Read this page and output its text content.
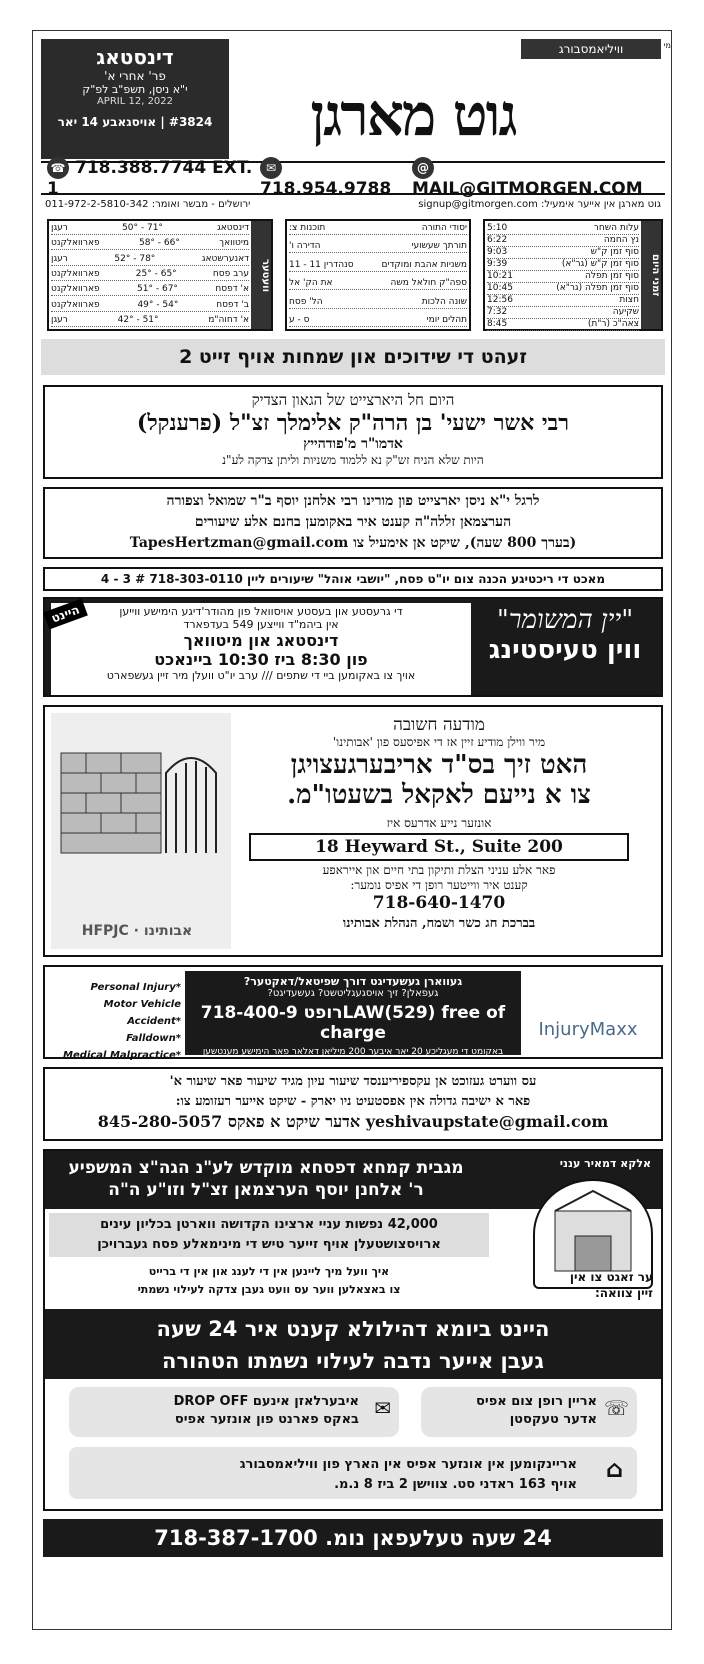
מי
דינסטאג
פר' אחרי א'
י"א ניסן, תשפ"ב לפ"ק
APRIL 12, 2022
#3824 | אויסגאבע 14 יאר
וויליאמסבורג
גוט מארגן
☎ 718.388.7744 EXT. 1
✉718.954.9788
@MAIL@GITMORGEN.COM
גוט מארגן אין אייער אימעיל: signup@gitmorgen.com
ירושלים - מבשר ואומר: 011-972-2-5810-342
זמני היום
עלות השחר
5:10
נץ החמה
6:22
סוף זמן ק"ש
9:03
סוף זמן ק"ש (גר"א)
9:39
סוף זמן תפלה
10:21
סוף זמן תפלה (גר"א)
10:45
חצות
12:56
שקיעה
7:32
צאה"כ (ר"ת)
8:45
יסודי התורה
תוכנות צ:
תורתך שעשועי
הדירה ו'
משניות אהבת ומוקדים
סנהדרין 11 - 11
ספה"ק חולאל משה
את הק' אל
שונה הלכות
הל' פסח
תהלים יומי
ס - ע
וועטער
דינסטאג
71° - 50°
רעגן
מיטוואך
66° - 58°
פארוואלקנט
דאנערשטאג
78° - 52°
רעגן
ערב פסח
65° - 25°
פארוואלקנט
א' דפסח
67° - 51°
פארוואלקנט
ב' דפסח
54° - 49°
פארוואלקנט
א' דחוה"מ
51° - 42°
רעגן
זעהט די שידוכים און שמחות אויף זייט 2
היום חל היארצייט של הגאון הצדיק
רבי אשר ישעי' בן הרה"ק אלימלך זצ"ל (פרענקל)
אדמו"ר מ'פודהייץ
היות שלא הניח זש"ק נא ללמוד משניות וליתן צדקה לע"נ
לרגל י"א ניסן יארצייט פון מורינו רבי אלחנן יוסף ב"ר שמואל וצפורה
הערצמאן זללה"ה קענט איר באקומען בחנם אלע שיעורים
(בערך 800 שעה), שיקט אן אימעיל צו TapesHertzman@gmail.com
מאכט די ריכטיגע הכנה צום יו"ט פסח, "יושבי אוהל" שיעורים ליין 718-303-0110 # 3 - 4
"יין המשומר"
ווין טעיסטינג
די גרעסטע און בעסטע אויסוואל פון מהודר'דיגע הימישע ווייען
אין ביהמ"ד ווייצען 549 בעדפארד
דינסטאג און מיטוואך
פון 8:30 ביז 10:30 ביינאכט
אויך צו באקומען ביי די שתפים /// ערב יו"ט וועלן מיר זיין געשפארט
היינט
מודעה חשובה
מיר ווילן מודיע זיין אז די אפיסעס פון 'אבותינו'
האט זיך בס"ד אריבערגעצויגן
צו א נייעם לאקאל בשעטו"מ.
אונזער נייע אדרעס איז
18 Heyward St., Suite 200
פאר אלע עניני הצלת ותיקון בתי חיים און אייראפע
קענט איר ווייטער רופן די אפיס נומער:
718-640-1470
בברכת חג כשר ושמח, הנהלת אבותינו
HFPJC · אבותינו
Personal Injury*
Motor Vehicle Accident*
Falldown*
Medical Malpractice*
געווארן געשעדיגט דורך שפיטאל/דאקטער?
געפאלן? זיך אויסגעגליטשט? געשעדיגט?
רופט 718-400-9LAW(529) free of charge
באקומט די מעגליכע 20 יאר איבער 200 מיליאן דאלאר פאר הימישע מענטשען
InjuryMaxx
עס ווערט געזוכט אן עקספיריענסד שיעור עיון מגיד שיעור פאר שיעור א'
פאר א ישיבה גדולה אין אפסטעיט ניו יארק - שיקט אייער רעזומע צו:
845-280-5057 אדער שיקט א פאקס yeshivaupstate@gmail.com
מגבית קמחא דפסחא מוקדש לע"נ הגה"צ המשפיע
ר' אלחנן יוסף הערצמאן זצ"ל וזו"ע ה"ה
אלקא דמאיר ענני
42,000 נפשות עניי ארצינו הקדושה ווארטן בכליון עינים
ארויסצושטעלן אויף זייער טיש די מינימאלע פסח געברויכן
איך וועל מיך ליינען אין די לענג און אין די ברייט
צו באצאלען ווער עס וועט געבן צדקה לעילוי נשמתי
ער זאגט צו אין זיין צוואה:
היינט ביומא דהילולא קענט איר 24 שעה
געבן אייער נדבה לעילוי נשמתו הטהורה
☏
אריין רופן צום אפיס
אדער טעקסטן
✉
איבערלאזן אינעם DROP OFF
באקס פארנט פון אונזער אפיס
⌂
אריינקומען אין אונזער אפיס אין הארץ פון וויליאמסבורג
אויף 163 ראדני סט. צווישן 2 ביז 8 נ.מ.
24 שעה טעלעפאן נומ. 718-387-1700
